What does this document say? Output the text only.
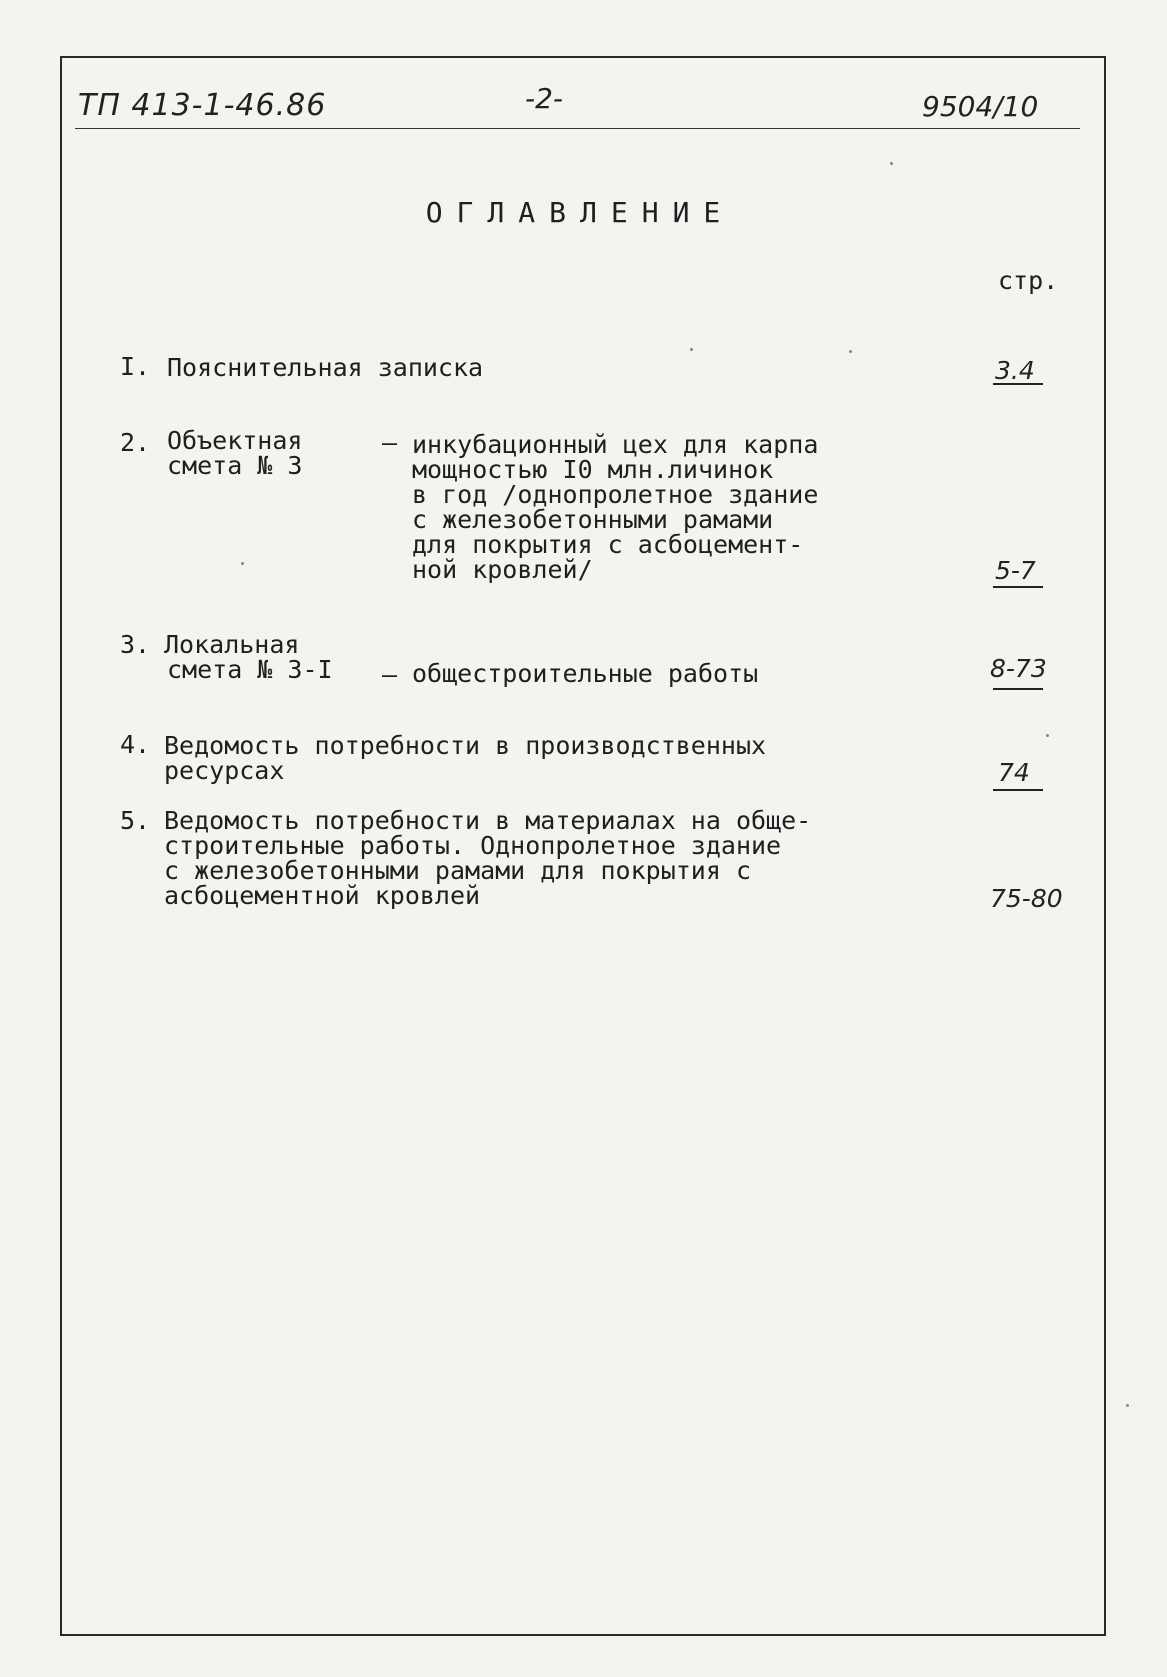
ТП 413-1-46.86	-2-	9504/10
ОГЛАВЛЕНИЕ
стр.
I. Пояснительная записка	3.4
2. Объектная
смета № 3
– инкубационный цех для карпа
мощностью I0 млн.личинок
в год /однопролетное здание
с железобетонными рамами
для покрытия с асбоцемент-
ной кровлей/	5-7
3. Локальная
смета № 3-I – общестроительные работы	8-73
4. Ведомость потребности в производственных
ресурсах	74
5. Ведомость потребности в материалах на обще-
строительные работы. Однопролетное здание
с железобетонными рамами для покрытия с
асбоцементной кровлей	75-80
